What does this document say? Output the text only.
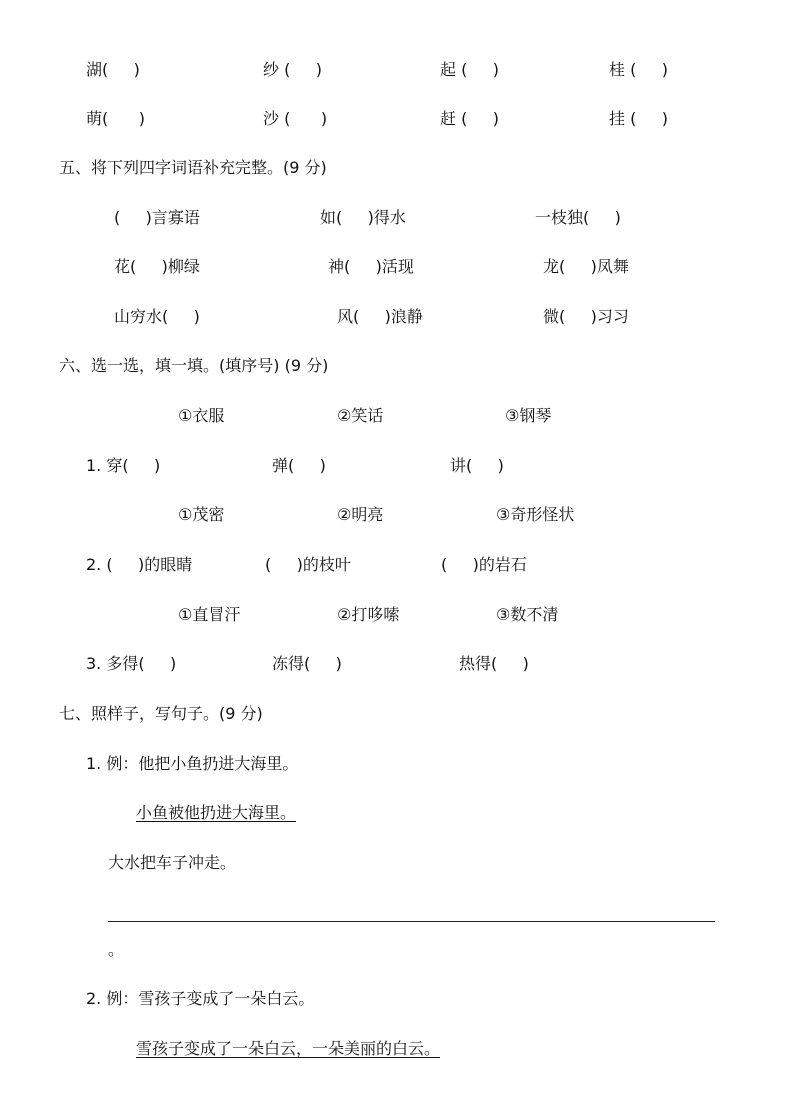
湖(     )	纱 (     )	起 (     )	桂 (     )
萌(      )	沙 (      )	赶 (     )	挂 (     )
五、将下列四字词语补充完整。(9 分)
(     )言寡语	如(     )得水	一枝独(     )
花(     )柳绿	神(     )活现	龙(     )凤舞
山穷水(     )	风(     )浪静	微(     )习习
六、选一选，填一填。(填序号) (9 分)
①衣服	②笑话	③钢琴
1. 穿(     )	弹(     )	讲(     )
①茂密	②明亮	③奇形怪状
2. (     )的眼睛	(     )的枝叶	(     )的岩石
①直冒汗	②打哆嗦	③数不清
3. 多得(     )	冻得(     )	热得(     )
七、照样子，写句子。(9 分)
1. 例：他把小鱼扔进大海里。
小鱼被他扔进大海里。
大水把车子冲走。
。
2. 例：雪孩子变成了一朵白云。
雪孩子变成了一朵白云，一朵美丽的白云。
